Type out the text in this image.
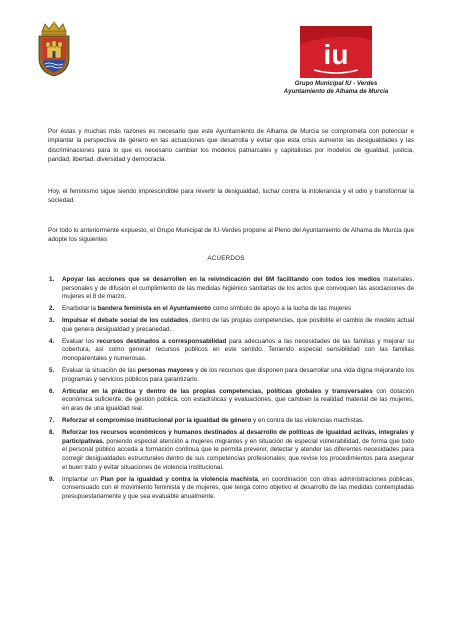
iu
Grupo Municipal IU - Verdes
Ayuntamiento de Alhama de Murcia

Por éstas y muchas más razones es necesario que este Ayuntamiento de Alhama de Murcia se comprometa con potenciar e implantar la perspectiva de género en las actuaciones que desarrolla y evitar que esta crisis aumente las desigualdades y las discriminaciones para lo que es necesario cambiar los modelos patriarcales y capitalistas por modelos de igualdad, justicia, paridad, libertad, diversidad y democracia.

Hoy, el feminismo sigue siendo imprescindible para revertir la desigualdad, luchar contra la intolerancia y el odio y transformar la sociedad.

Por todo lo anteriormente expuesto, el Grupo Municipal de IU-Verdes propone al Pleno del Ayuntamiento de Alhama de Murcia que adopte los siguientes

ACUERDOS

1. Apoyar las acciones que se desarrollen en la reivindicación del 8M facilitando con todos los medios materiales, personales y de difusión el cumplimiento de las medidas higiénico sanitarias de los actos que convoquen las asociaciones de mujeres el 8 de marzo.
2. Enarbolar la bandera feminista en el Ayuntamiento como símbolo de apoyo a la lucha de las mujeres
3. Impulsar el debate social de los cuidados, dentro de las propias competencias, que posibilite el cambio de modelo actual que genera desigualdad y precariedad.
4. Evaluar los recursos destinados a corresponsabilidad para adecuarlos a las necesidades de las familias y mejorar su cobertura, así como generar recursos públicos en este sentido. Teniendo especial sensibilidad con las familias monoparentales y numerosas.
5. Evaluar la situación de las personas mayores y de los recursos que disponen para desarrollar una vida digna mejorando los programas y servicios públicos para garantizarlo.
6. Articular en la práctica y dentro de las propias competencias, políticas globales y transversales con dotación económica suficiente, de gestión pública, con estadísticas y evaluaciones, que cambien la realidad material de las mujeres, en aras de una igualdad real.
7. Reforzar el compromiso institucional por la igualdad de género y en contra de las violencias machistas.
8. Reforzar los recursos económicos y humanos destinados al desarrollo de políticas de igualdad activas, integrales y participativas, poniendo especial atención a mujeres migrantes y en situación de especial vulnerabilidad, de forma que todo el personal público acceda a formación continua que le permita prevenir, detectar y atender las diferentes necesidades para corregir desigualdades estructurales dentro de sus competencias profesionales; que revise los procedimientos para asegurar el buen trato y evitar situaciones de violencia institucional.
9. Implantar un Plan por la igualdad y contra la violencia machista, en coordinación con otras administraciones públicas, consensuado con el movimiento feminista y de mujeres, que tenga como objetivo el desarrollo de las medidas contempladas presupuestariamente y que sea evaluable anualmente.
